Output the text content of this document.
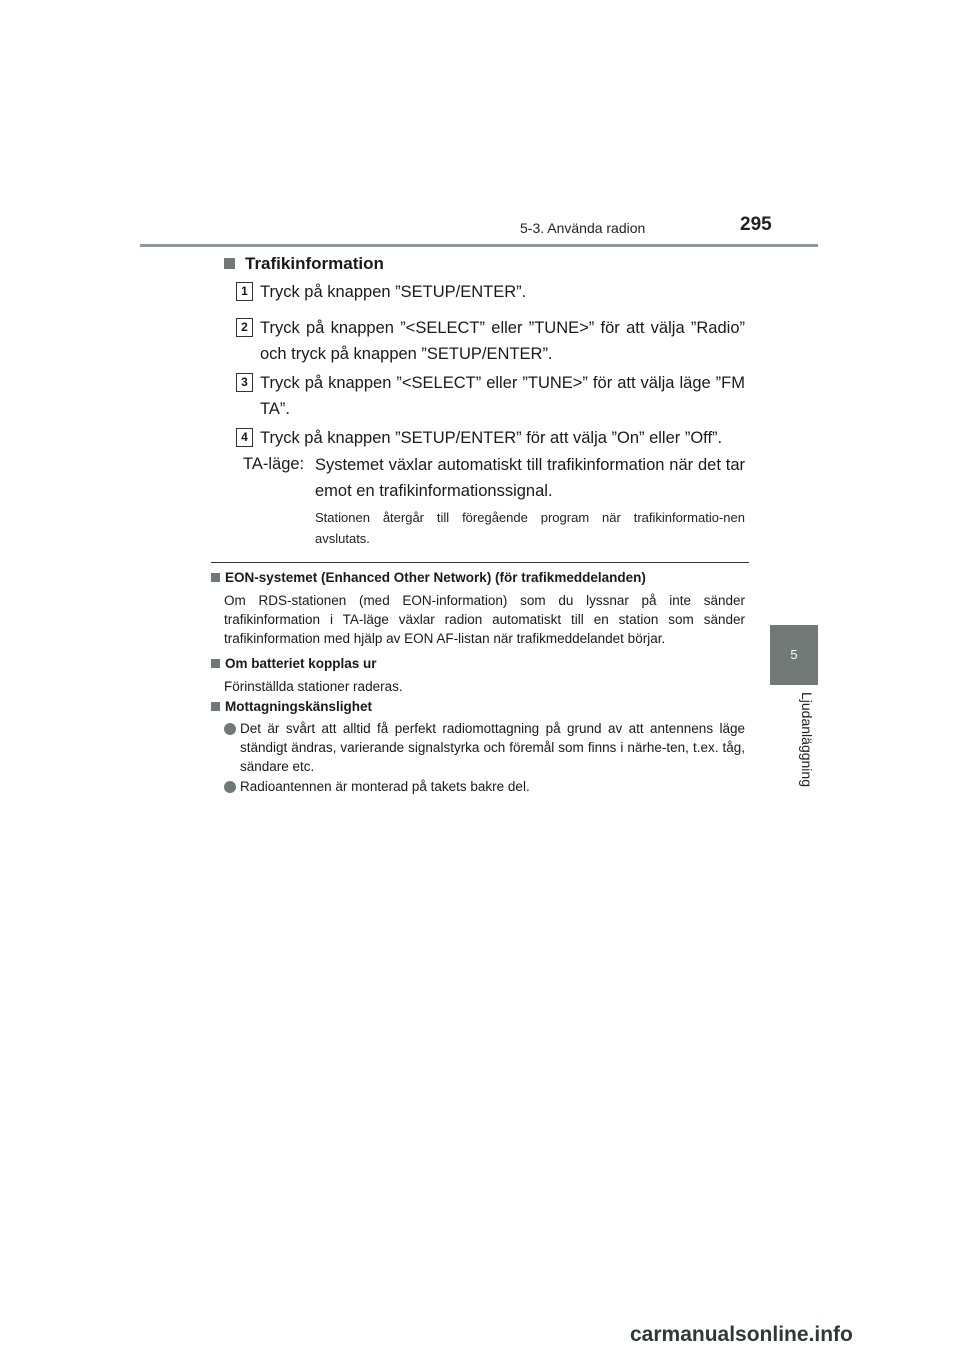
5-3. Använda radion	295
5
Ljudanläggning
Trafikinformation
1 Tryck på knappen ”SETUP/ENTER”.
2 Tryck på knappen ”<SELECT” eller ”TUNE>” för att välja ”Radio” och tryck på knappen ”SETUP/ENTER”.
3 Tryck på knappen ”<SELECT” eller ”TUNE>” för att välja läge ”FM TA”.
4 Tryck på knappen ”SETUP/ENTER” för att välja ”On” eller ”Off”.
TA-läge: Systemet växlar automatiskt till trafikinformation när det tar emot en trafikinformationssignal.
Stationen återgår till föregående program när trafikinformatio-nen avslutats.
EON-systemet (Enhanced Other Network) (för trafikmeddelanden)
Om RDS-stationen (med EON-information) som du lyssnar på inte sänder trafikinformation i TA-läge växlar radion automatiskt till en station som sänder trafikinformation med hjälp av EON AF-listan när trafikmeddelandet börjar.
Om batteriet kopplas ur
Förinställda stationer raderas.
Mottagningskänslighet
Det är svårt att alltid få perfekt radiomottagning på grund av att antennens läge ständigt ändras, varierande signalstyrka och föremål som finns i närhe-ten, t.ex. tåg, sändare etc.
Radioantennen är monterad på takets bakre del.
carmanualsonline.info
